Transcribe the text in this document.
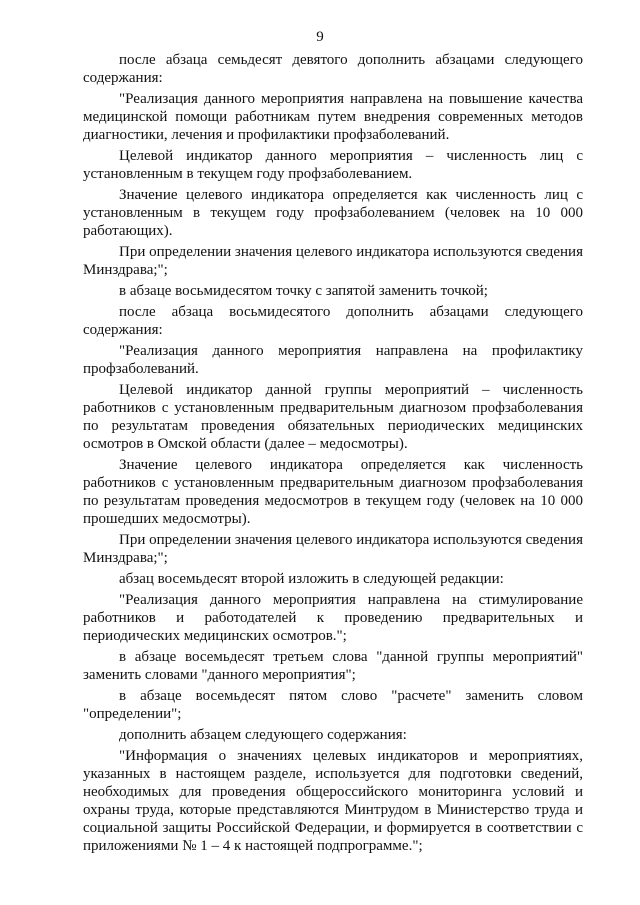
9

после абзаца семьдесят девятого дополнить абзацами следующего содержания:

"Реализация данного мероприятия направлена на повышение качества медицинской помощи работникам путем внедрения современных методов диагностики, лечения и профилактики профзаболеваний.

Целевой индикатор данного мероприятия – численность лиц с установленным в текущем году профзаболеванием.

Значение целевого индикатора определяется как численность лиц с установленным в текущем году профзаболеванием (человек на 10 000 работающих).

При определении значения целевого индикатора используются сведения Минздрава;";

в абзаце восьмидесятом точку с запятой заменить точкой;

после абзаца восьмидесятого дополнить абзацами следующего содержания:

"Реализация данного мероприятия направлена на профилактику профзаболеваний.

Целевой индикатор данной группы мероприятий – численность работников с установленным предварительным диагнозом профзаболевания по результатам проведения обязательных периодических медицинских осмотров в Омской области (далее – медосмотры).

Значение целевого индикатора определяется как численность работников с установленным предварительным диагнозом профзаболевания по результатам проведения медосмотров в текущем году (человек на 10 000 прошедших медосмотры).

При определении значения целевого индикатора используются сведения Минздрава;";

абзац восемьдесят второй изложить в следующей редакции:

"Реализация данного мероприятия направлена на стимулирование работников и работодателей к проведению предварительных и периодических медицинских осмотров.";

в абзаце восемьдесят третьем слова "данной группы мероприятий" заменить словами "данного мероприятия";

в абзаце восемьдесят пятом слово "расчете" заменить словом "определении";

дополнить абзацем следующего содержания:

"Информация о значениях целевых индикаторов и мероприятиях, указанных в настоящем разделе, используется для подготовки сведений, необходимых для проведения общероссийского мониторинга условий и охраны труда, которые представляются Минтрудом в Министерство труда и социальной защиты Российской Федерации, и формируется в соответствии с приложениями № 1 – 4 к настоящей подпрограмме.";
